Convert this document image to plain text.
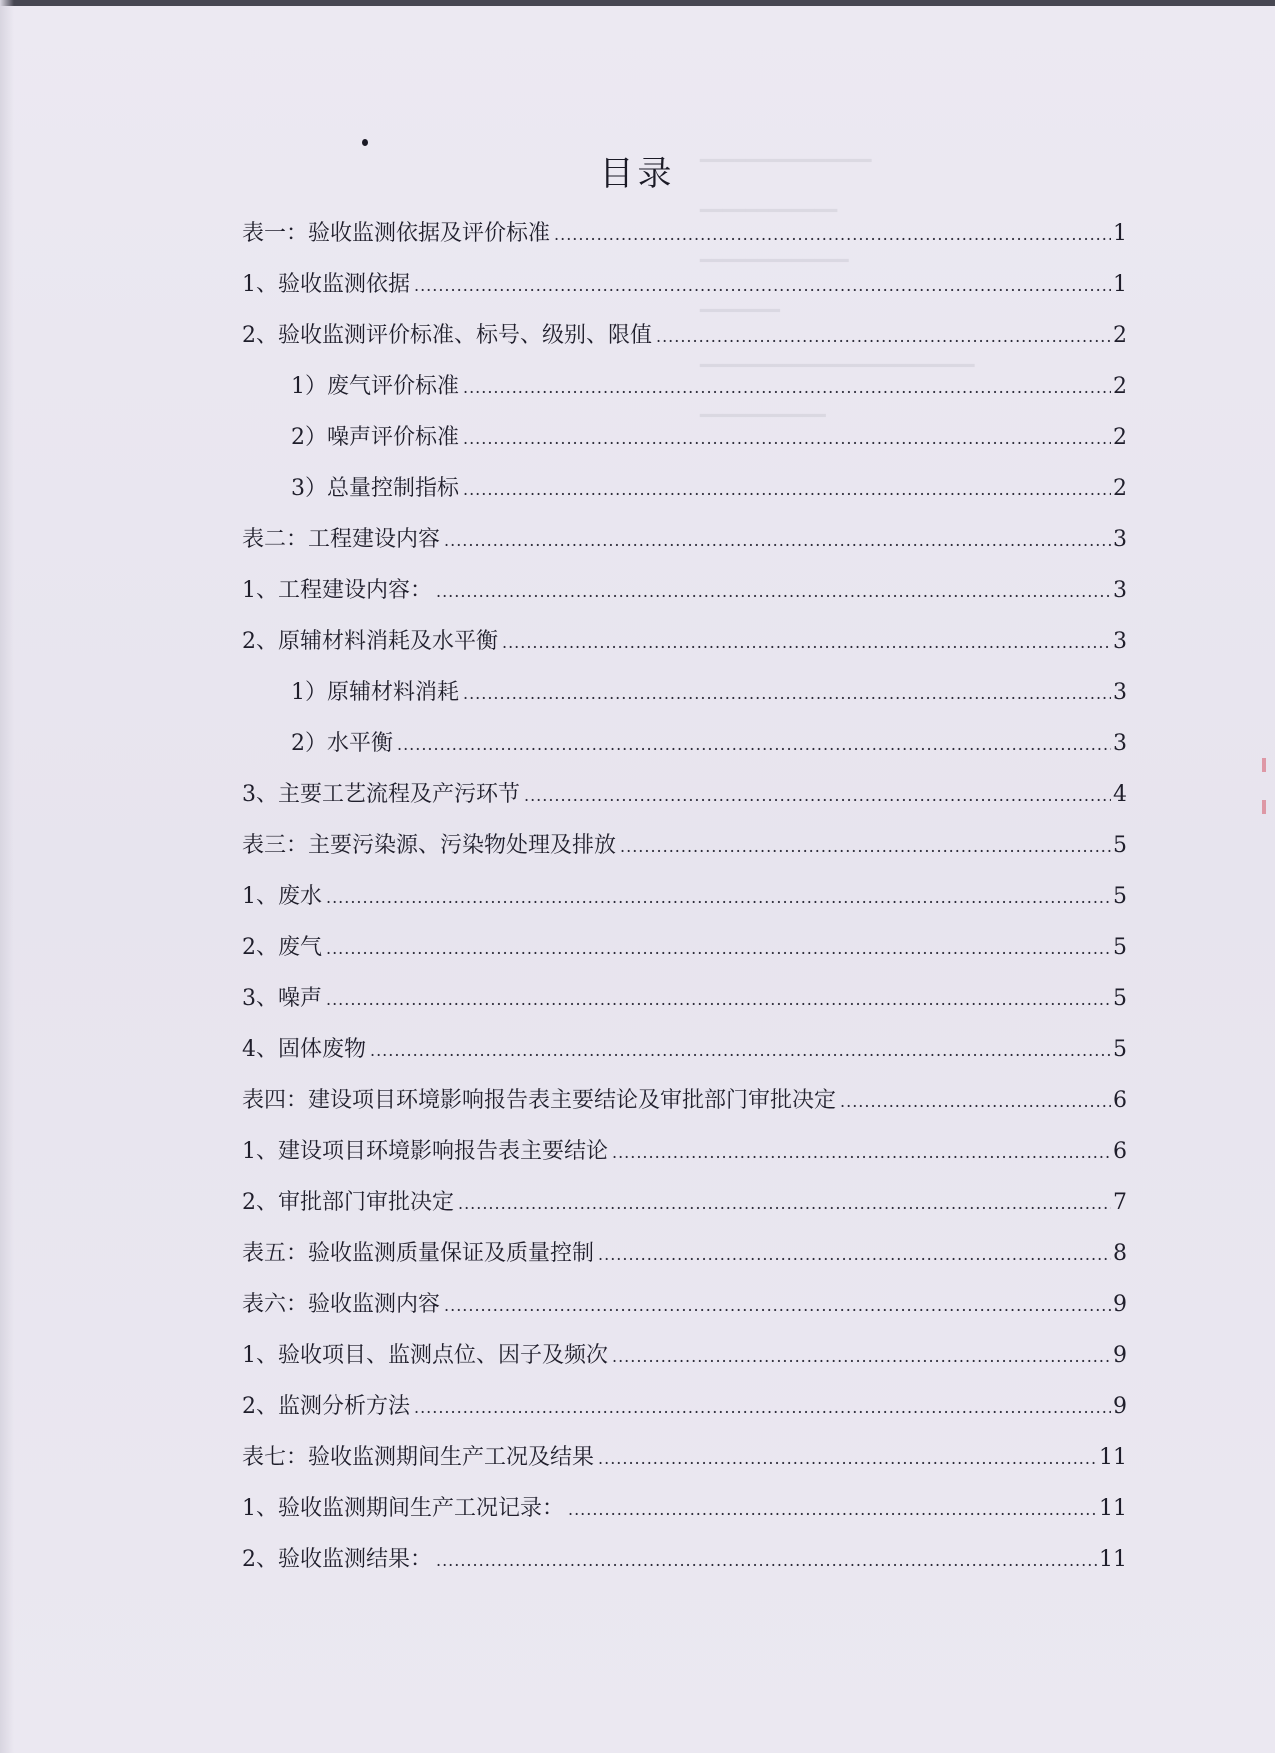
━━━━━━━━━━━━━━━
━━━━━━━━━━━━
━━━━━━━━━━━━━
━━━━━━━
━━━━━━━━━━━━━━━━━━━━━━━━
━━━━━━━━━━━
目录
表一：验收监测依据及评价标准 .....	1
1、验收监测依据 .....	1
2、验收监测评价标准、标号、级别、限值 .....	2
1）废气评价标准 .....	2
2）噪声评价标准 .....	2
3）总量控制指标 .....	2
表二：工程建设内容 .....	3
1、工程建设内容： .....	3
2、原辅材料消耗及水平衡 .....	3
1）原辅材料消耗 .....	3
2）水平衡 .....	3
3、主要工艺流程及产污环节 .....	4
表三：主要污染源、污染物处理及排放 .....	5
1、废水 .....	5
2、废气 .....	5
3、噪声 .....	5
4、固体废物 .....	5
表四：建设项目环境影响报告表主要结论及审批部门审批决定 .....	6
1、建设项目环境影响报告表主要结论 .....	6
2、审批部门审批决定 .....	7
表五：验收监测质量保证及质量控制 .....	8
表六：验收监测内容 .....	9
1、验收项目、监测点位、因子及频次 .....	9
2、监测分析方法 .....	9
表七：验收监测期间生产工况及结果 .....	11
1、验收监测期间生产工况记录： .....	11
2、验收监测结果： .....	11
